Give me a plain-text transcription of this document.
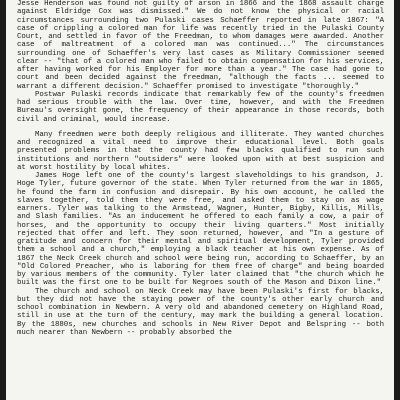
Jesse Henderson was found not guilty of arson in 1866 and the 1868 assault charge against Eldridge Cox was dismissed." We do not know the physical or racial circumstances surrounding two Pulaski cases Schaeffer reported in late 1867: "A case of crippling a colored man for life was recently tried in the Pulaski County Court, and settled in favor of the Freedman, to whom damages were awarded. Another case of maltreatment of a colored man was continued..." The circumstances surrounding one of Schaeffer's very last cases as Military Commissioner seemed clear -- "that of a colored man who failed to obtain compensation for his services, after having worked for his Employer for more than a year." The case had gone to court and been decided against the freedman, "although the facts ... seemed to warrant a different decision." Schaeffer promised to investigate "thoroughly."

Postwar Pulaski records indicate that remarkably few of the county's freedmen had serious trouble with the law. Over time, however, and with the Freedmen Bureau's oversight gone, the frequency of their appearance in those records, both civil and criminal, would increase.

Many freedmen were both deeply religious and illiterate. They wanted churches and recognized a vital need to improve their educational level. Both goals presented problems in that the county had few blacks qualified to run such institutions and northern "outsiders" were looked upon with at best suspicion and at worst hostility by local whites.

James Hoge left one of the county's largest slaveholdings to his grandson, J. Hoge Tyler, future governor of the state. When Tyler returned from the war in 1865, he found the farm in confusion and disrepair. By his own account, he called the slaves together, told them they were free, and asked them to stay on as wage earners. Tyler was talking to the Armstead, Wagner, Hunter, Bigby, Killis, Mills, and Slash families. "As an inducement he offered to each family a cow, a pair of horses, and the opportunity to occupy their living quarters." Most initially rejected that offer and left. They soon returned, however, and "In a gesture of gratitude and concern for their mental and spiritual development, Tyler provided them a school and a church," employing a black teacher at his own expense. As of 1867 the Neck Creek church and school were being run, according to Schaeffer, by an "Old Colored Preacher, who is laboring for them free of charge" and being boarded by various members of the community. Tyler later claimed that "the church which he built was the first one to be built for Negroes south of the Mason and Dixon line."

The church and school on Neck Creek may have been Pulaski's first for blacks, but they did not have the staying power of the county's other early church and school combination in Newbern. A very old and abandoned cemetery on Highland Road, still in use at the turn of the century, may mark the building a general location. By the 1880s, new churches and schools in New River Depot and Belspring -- both much nearer than Newbern -- probably absorbed the
